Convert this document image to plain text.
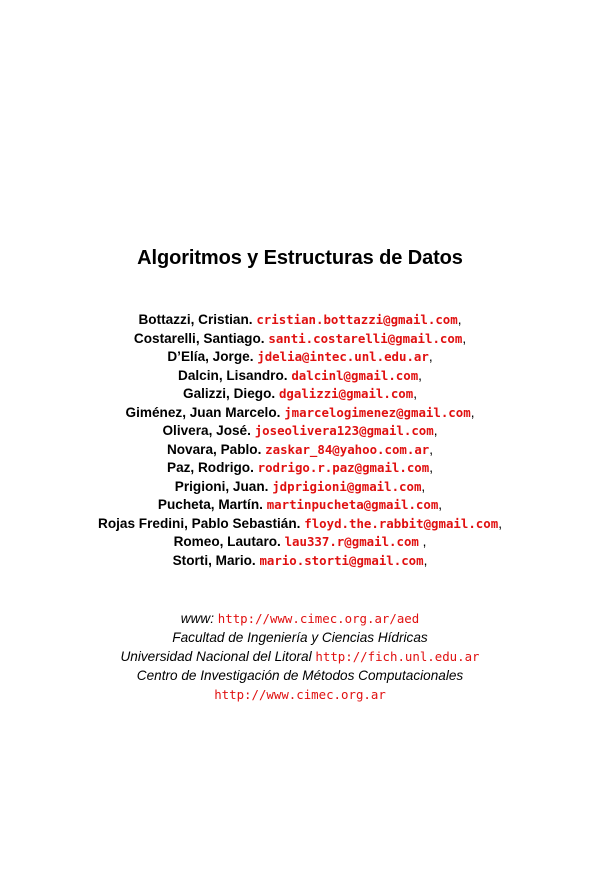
Algoritmos y Estructuras de Datos
Bottazzi, Cristian. cristian.bottazzi@gmail.com,
Costarelli, Santiago. santi.costarelli@gmail.com,
D’Elía, Jorge. jdelia@intec.unl.edu.ar,
Dalcin, Lisandro. dalcinl@gmail.com,
Galizzi, Diego. dgalizzi@gmail.com,
Giménez, Juan Marcelo. jmarcelogimenez@gmail.com,
Olivera, José. joseolivera123@gmail.com,
Novara, Pablo. zaskar_84@yahoo.com.ar,
Paz, Rodrigo. rodrigo.r.paz@gmail.com,
Prigioni, Juan. jdprigioni@gmail.com,
Pucheta, Martín. martinpucheta@gmail.com,
Rojas Fredini, Pablo Sebastián. floyd.the.rabbit@gmail.com,
Romeo, Lautaro. lau337.r@gmail.com ,
Storti, Mario. mario.storti@gmail.com,
www: http://www.cimec.org.ar/aed
Facultad de Ingeniería y Ciencias Hídricas
Universidad Nacional del Litoral http://fich.unl.edu.ar
Centro de Investigación de Métodos Computacionales
http://www.cimec.org.ar
